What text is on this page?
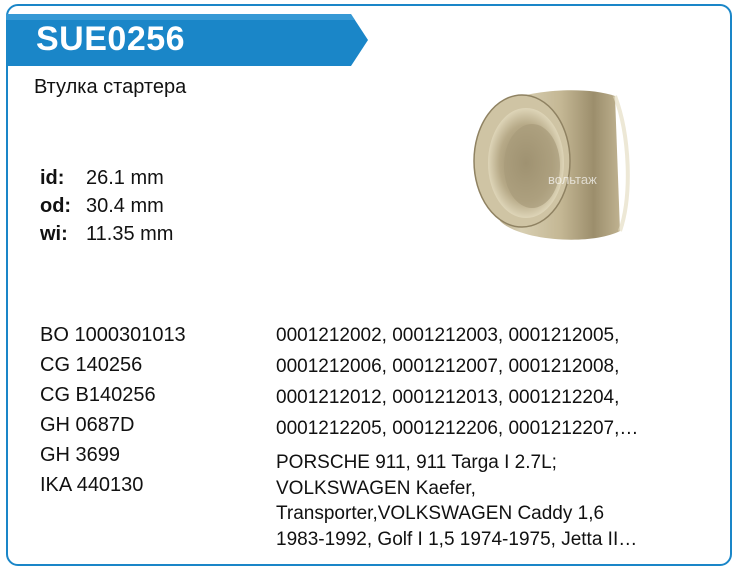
SUE0256
Втулка стартера
id: 26.1 mm
od: 30.4 mm
wi: 11.35 mm
вольтаж
BO 1000301013
CG 140256
CG B140256
GH 0687D
GH 3699
IKA 440130
0001212002, 0001212003, 0001212005,
0001212006, 0001212007, 0001212008,
0001212012, 0001212013, 0001212204,
0001212205, 0001212206, 0001212207,…
PORSCHE 911, 911 Targa I 2.7L;
VOLKSWAGEN Kaefer,
Transporter,VOLKSWAGEN Caddy 1,6
1983-1992, Golf I 1,5 1974-1975, Jetta II…
